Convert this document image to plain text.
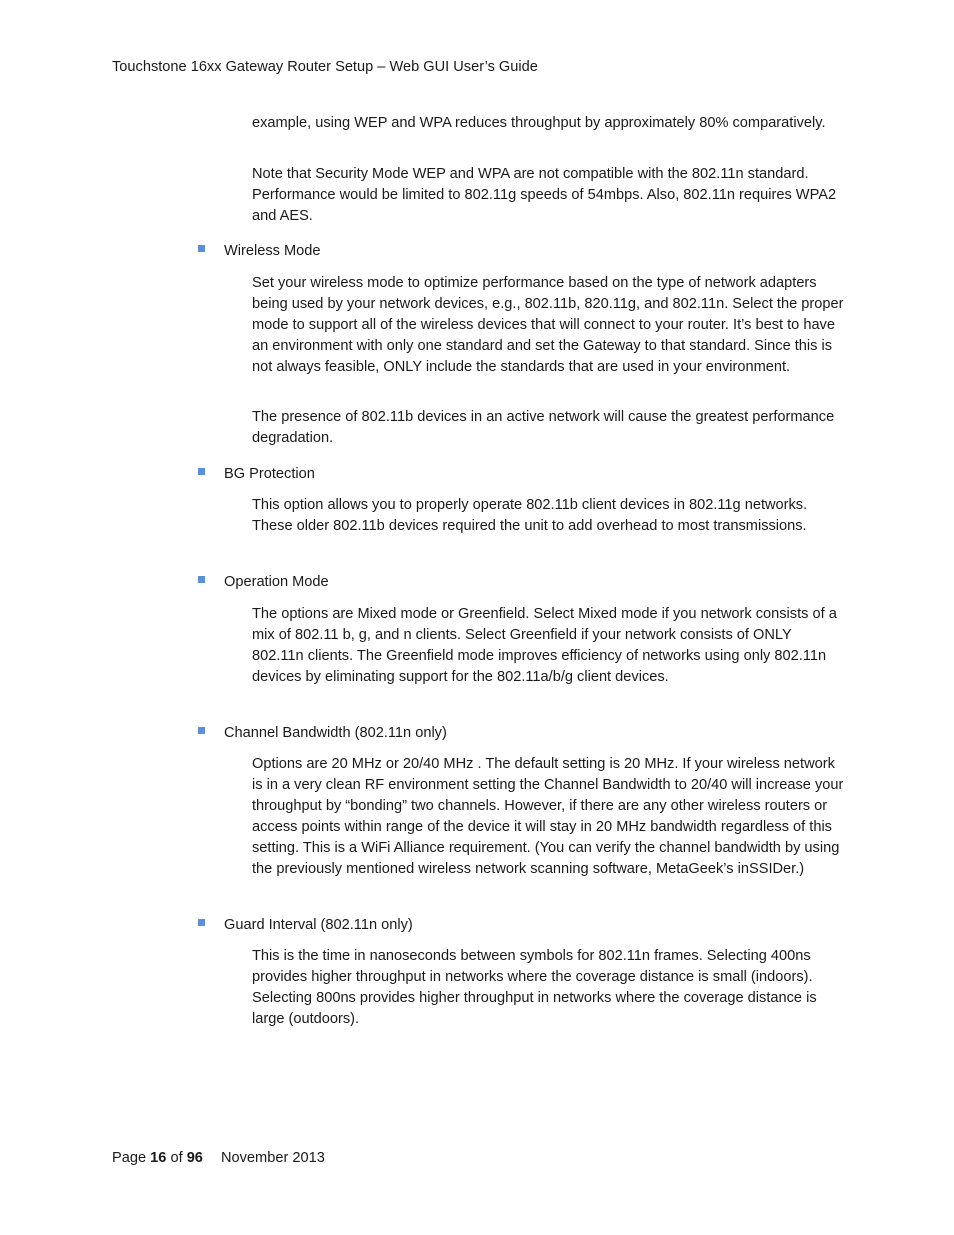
Touchstone 16xx Gateway Router Setup – Web GUI User’s Guide
example, using WEP and WPA reduces throughput by approximately 80% comparatively.
Note that Security Mode WEP and WPA are not compatible with the 802.11n standard. Performance would be limited to 802.11g speeds of 54mbps. Also, 802.11n requires WPA2 and AES.
Wireless Mode
Set your wireless mode to optimize performance based on the type of network adapters being used by your network devices, e.g., 802.11b, 820.11g, and 802.11n. Select the proper mode to support all of the wireless devices that will connect to your router. It’s best to have an environment with only one standard and set the Gateway to that standard. Since this is not always feasible, ONLY include the standards that are used in your environment.
The presence of 802.11b devices in an active network will cause the greatest performance degradation.
BG Protection
This option allows you to properly operate 802.11b client devices in 802.11g networks. These older 802.11b devices required the unit to add overhead to most transmissions.
Operation Mode
The options are Mixed mode or Greenfield. Select Mixed mode if you network consists of a mix of 802.11 b, g, and n clients. Select Greenfield if your network consists of ONLY 802.11n clients. The Greenfield mode improves efficiency of networks using only 802.11n devices by eliminating support for the 802.11a/b/g client devices.
Channel Bandwidth (802.11n only)
Options are 20 MHz or 20/40 MHz . The default setting is 20 MHz. If your wireless network is in a very clean RF environment setting the Channel Bandwidth to 20/40 will increase your throughput by “bonding” two channels. However, if there are any other wireless routers or access points within range of the device it will stay in 20 MHz bandwidth regardless of this setting. This is a WiFi Alliance requirement. (You can verify the channel bandwidth by using the previously mentioned wireless network scanning software, MetaGeek’s inSSIDer.)
Guard Interval (802.11n only)
This is the time in nanoseconds between symbols for 802.11n frames. Selecting 400ns provides higher throughput in networks where the coverage distance is small (indoors). Selecting 800ns provides higher throughput in networks where the coverage distance is large (outdoors).
Page 16 of 96 November 2013
